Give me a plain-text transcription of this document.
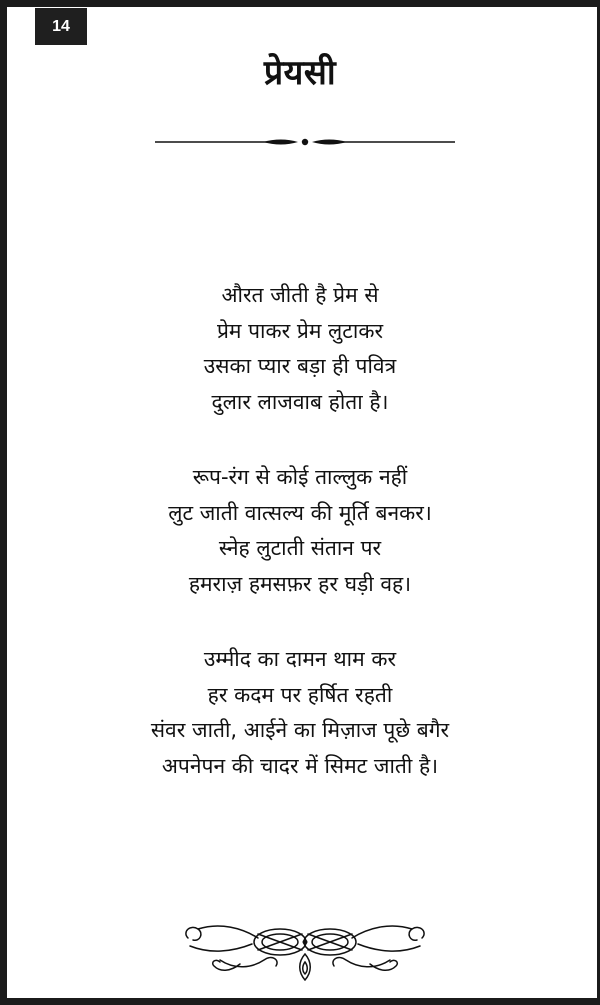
14
प्रेयसी
औरत जीती है प्रेम से
प्रेम पाकर प्रेम लुटाकर
उसका प्यार बड़ा ही पवित्र
दुलार लाजवाब होता है।
रूप-रंग से कोई ताल्लुक नहीं
लुट जाती वात्सल्य की मूर्ति बनकर।
स्नेह लुटाती संतान पर
हमराज़ हमसफ़र हर घड़ी वह।
उम्मीद का दामन थाम कर
हर कदम पर हर्षित रहती
संवर जाती, आईने का मिज़ाज पूछे बगैर
अपनेपन की चादर में सिमट जाती है।
